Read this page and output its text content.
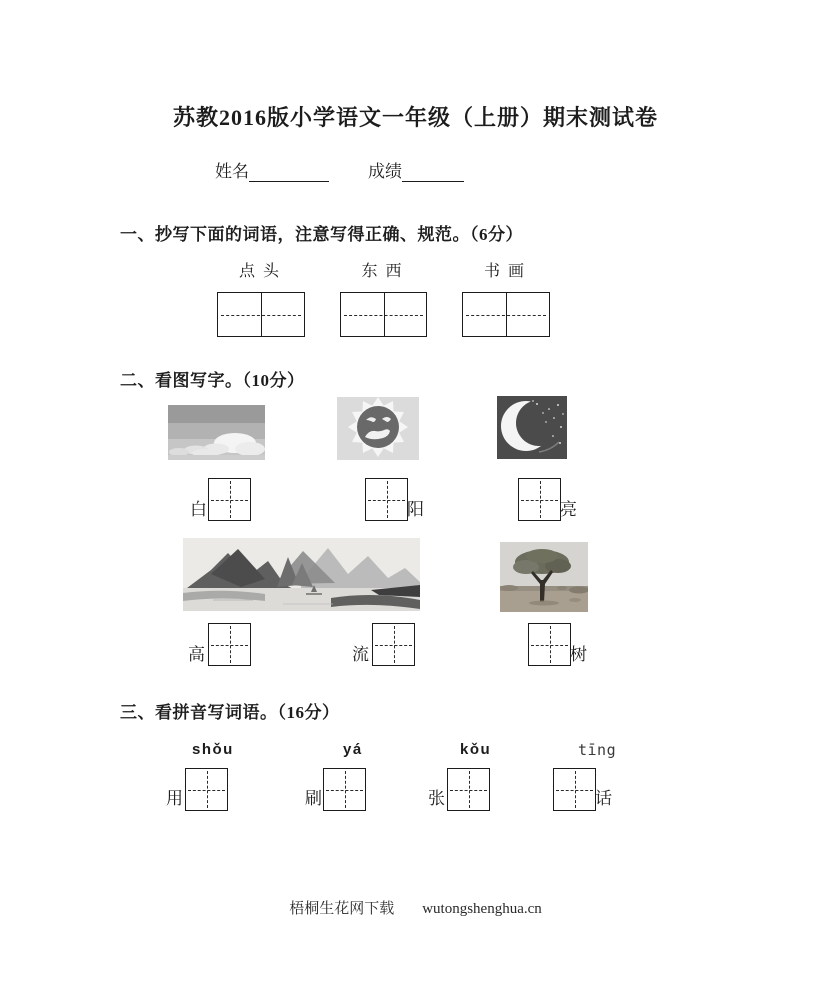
苏教2016版小学语文一年级（上册）期末测试卷
姓名	成绩
一、抄写下面的词语，注意写得正确、规范。（6分）
点 头	东 西	书 画
二、看图写字。（10分）
白	阳	亮
高	流	树
三、看拼音写词语。（16分）
shǒu	yá	kǒu	tīng
用	刷	张	话
梧桐生花网下载 wutongshenghua.cn
